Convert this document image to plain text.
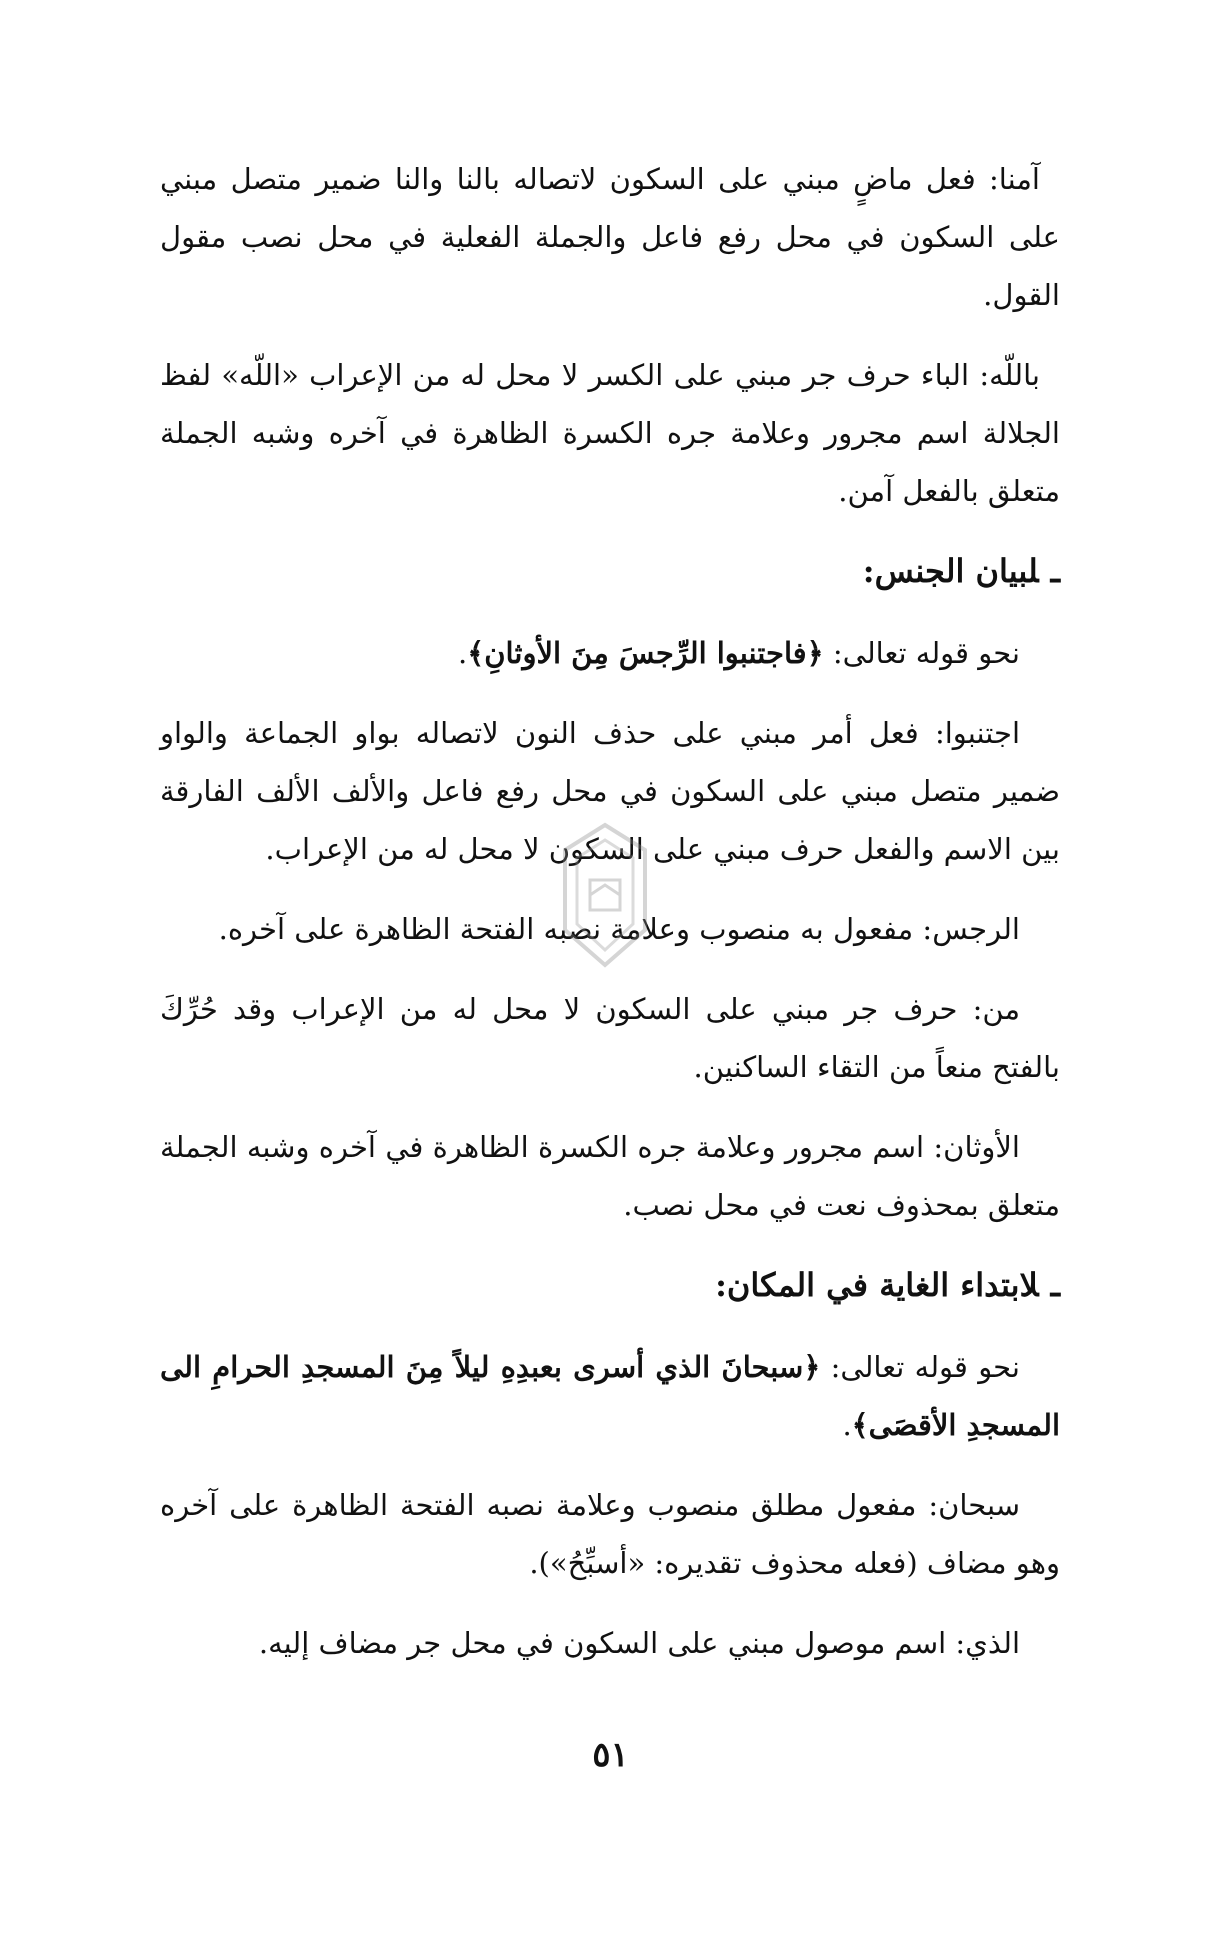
آمنا: فعل ماضٍ مبني على السكون لاتصاله بالنا والنا ضمير متصل مبني على السكون في محل رفع فاعل والجملة الفعلية في محل نصب مقول القول.

باللّه: الباء حرف جر مبني على الكسر لا محل له من الإعراب «اللّه» لفظ الجلالة اسم مجرور وعلامة جره الكسرة الظاهرة في آخره وشبه الجملة متعلق بالفعل آمن.

ـلبيان الجنس:

نحو قوله تعالى: ﴿فاجتنبوا الرِّجسَ مِنَ الأوثانِ﴾.

اجتنبوا: فعل أمر مبني على حذف النون لاتصاله بواو الجماعة والواو ضمير متصل مبني على السكون في محل رفع فاعل والألف الألف الفارقة بين الاسم والفعل حرف مبني على السكون لا محل له من الإعراب.

الرجس: مفعول به منصوب وعلامة نصبه الفتحة الظاهرة على آخره.

من: حرف جر مبني على السكون لا محل له من الإعراب وقد حُرِّكَ بالفتح منعاً من التقاء الساكنين.

الأوثان: اسم مجرور وعلامة جره الكسرة الظاهرة في آخره وشبه الجملة متعلق بمحذوف نعت في محل نصب.

ـلابتداء الغاية في المكان:

نحو قوله تعالى: ﴿سبحانَ الذي أسرى بعبدِهِ ليلاً مِنَ المسجدِ الحرامِ الى المسجدِ الأقصَى﴾.

سبحان: مفعول مطلق منصوب وعلامة نصبه الفتحة الظاهرة على آخره وهو مضاف (فعله محذوف تقديره: «أسبِّحُ»).

الذي: اسم موصول مبني على السكون في محل جر مضاف إليه.

٥١
